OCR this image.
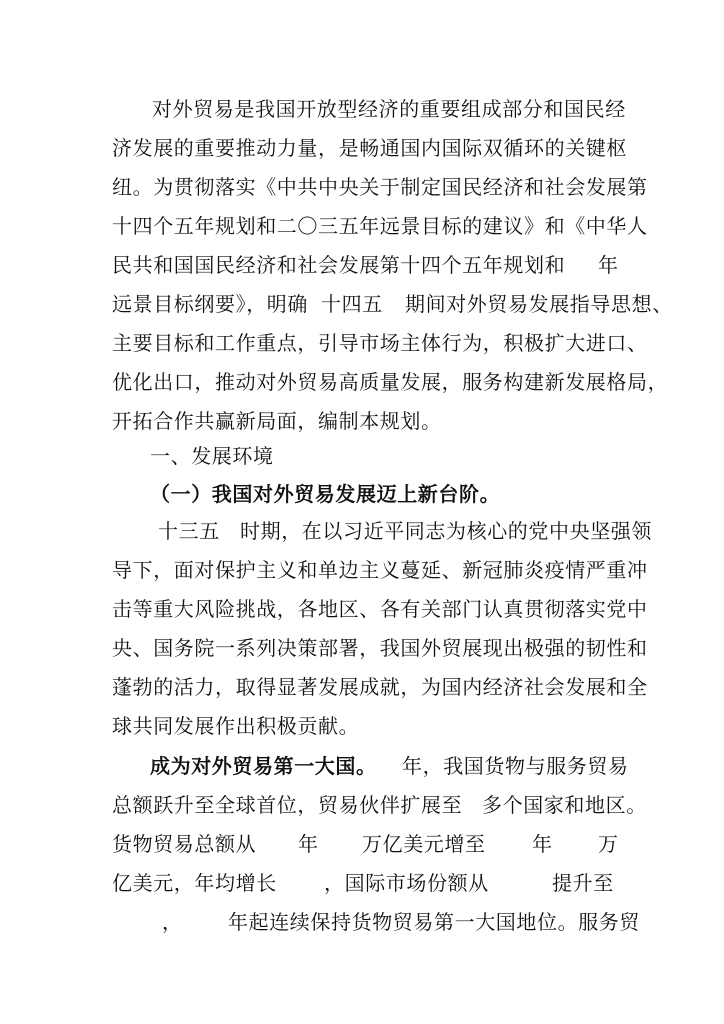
对外贸易是我国开放型经济的重要组成部分和国民经
济发展的重要推动力量，是畅通国内国际双循环的关键枢
纽。为贯彻落实《中共中央关于制定国民经济和社会发展第
十四个五年规划和二〇三五年远景目标的建议》和《中华人
民共和国国民经济和社会发展第十四个五年规划和 年
远景目标纲要》，明确 十四五 期间对外贸易发展指导思想、
主要目标和工作重点，引导市场主体行为，积极扩大进口、
优化出口，推动对外贸易高质量发展，服务构建新发展格局，
开拓合作共赢新局面，编制本规划。
一、发展环境
（一）我国对外贸易发展迈上新台阶。
十三五 时期，在以习近平同志为核心的党中央坚强领
导下，面对保护主义和单边主义蔓延、新冠肺炎疫情严重冲
击等重大风险挑战，各地区、各有关部门认真贯彻落实党中
央、国务院一系列决策部署，我国外贸展现出极强的韧性和
蓬勃的活力，取得显著发展成就，为国内经济社会发展和全
球共同发展作出积极贡献。
成为对外贸易第一大国。 年，我国货物与服务贸易
总额跃升至全球首位，贸易伙伴扩展至 多个国家和地区。
货物贸易总额从 年 万亿美元增至 年 万
亿美元，年均增长 ，国际市场份额从	提升至
， 年起连续保持货物贸易第一大国地位。服务贸
